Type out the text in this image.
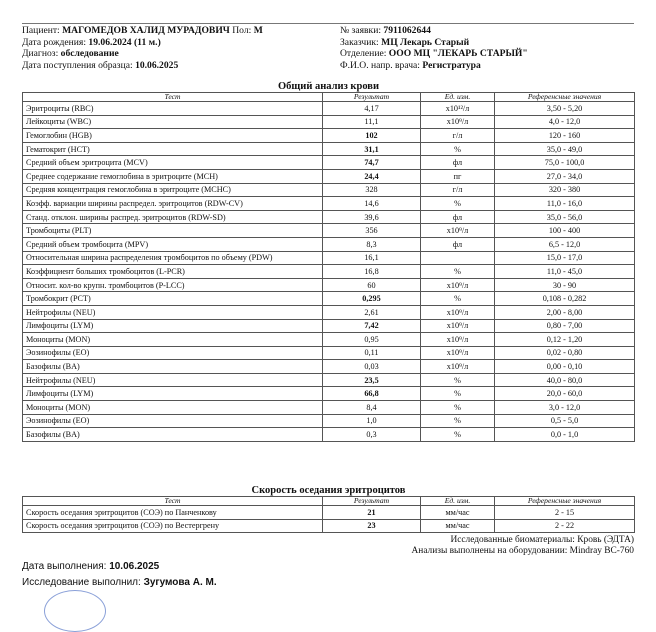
Пациент: МАГОМЕДОВ ХАЛИД МУРАДОВИЧ Пол: М
Дата рождения: 19.06.2024 (11 м.)
Диагноз: обследование
Дата поступления образца: 10.06.2025
№ заявки: 7911062644
Заказчик: МЦ Лекарь Старый
Отделение: ООО МЦ "ЛЕКАРЬ СТАРЫЙ"
Ф.И.О. напр. врача: Регистратура
Общий анализ крови			
Тест	Результат	Ед. изм.	Референсные значения
Эритроциты (RBC)	4,17	х10¹²/л	3,50 - 5,20
Лейкоциты (WBC)	11,1	х10⁹/л	4,0 - 12,0
Гемоглобин (HGB)	102	г/л	120 - 160
Гематокрит (HCT)	31,1	%	35,0 - 49,0
Средний объем эритроцита (MCV)	74,7	фл	75,0 - 100,0
Среднее содержание гемоглобина в эритроците (MCH)	24,4	пг	27,0 - 34,0
Средняя концентрация гемоглобина в эритроците (MCHC)	328	г/л	320 - 380
Коэфф. вариации ширины распредел. эритроцитов (RDW-CV)	14,6	%	11,0 - 16,0
Станд. отклон. ширины распред. эритроцитов (RDW-SD)	39,6	фл	35,0 - 56,0
Тромбоциты (PLT)	356	х10⁹/л	100 - 400
Средний объем тромбоцита (MPV)	8,3	фл	6,5 - 12,0
Относительная ширина распределения тромбоцитов по объему (PDW)	16,1		15,0 - 17,0
Коэффициент больших тромбоцитов (L-PCR)	16,8	%	11,0 - 45,0
Относит. кол-во крупн. тромбоцитов (P-LCC)	60	х10⁹/л	30 - 90
Тромбокрит (PCT)	0,295	%	0,108 - 0,282
Нейтрофилы (NEU)	2,61	х10⁹/л	2,00 - 8,00
Лимфоциты (LYM)	7,42	х10⁹/л	0,80 - 7,00
Моноциты (MON)	0,95	х10⁹/л	0,12 - 1,20
Эозинофилы (EO)	0,11	х10⁹/л	0,02 - 0,80
Базофилы (BA)	0,03	х10⁹/л	0,00 - 0,10
Нейтрофилы (NEU)	23,5	%	40,0 - 80,0
Лимфоциты (LYM)	66,8	%	20,0 - 60,0
Моноциты (MON)	8,4	%	3,0 - 12,0
Эозинофилы (EO)	1,0	%	0,5 - 5,0
Базофилы (BA)	0,3	%	0,0 - 1,0
Скорость оседания эритроцитов			
Тест	Результат	Ед. изм.	Референсные значения
Скорость оседания эритроцитов (СОЭ) по Панченкову	21	мм/час	2 - 15
Скорость оседания эритроцитов (СОЭ) по Вестергрену	23	мм/час	2 - 22
Исследованные биоматериалы: Кровь (ЭДТА)
Анализы выполнены на оборудовании: Mindray BC-760
Дата выполнения: 10.06.2025
Исследование выполнил: Зугумова А. М.
